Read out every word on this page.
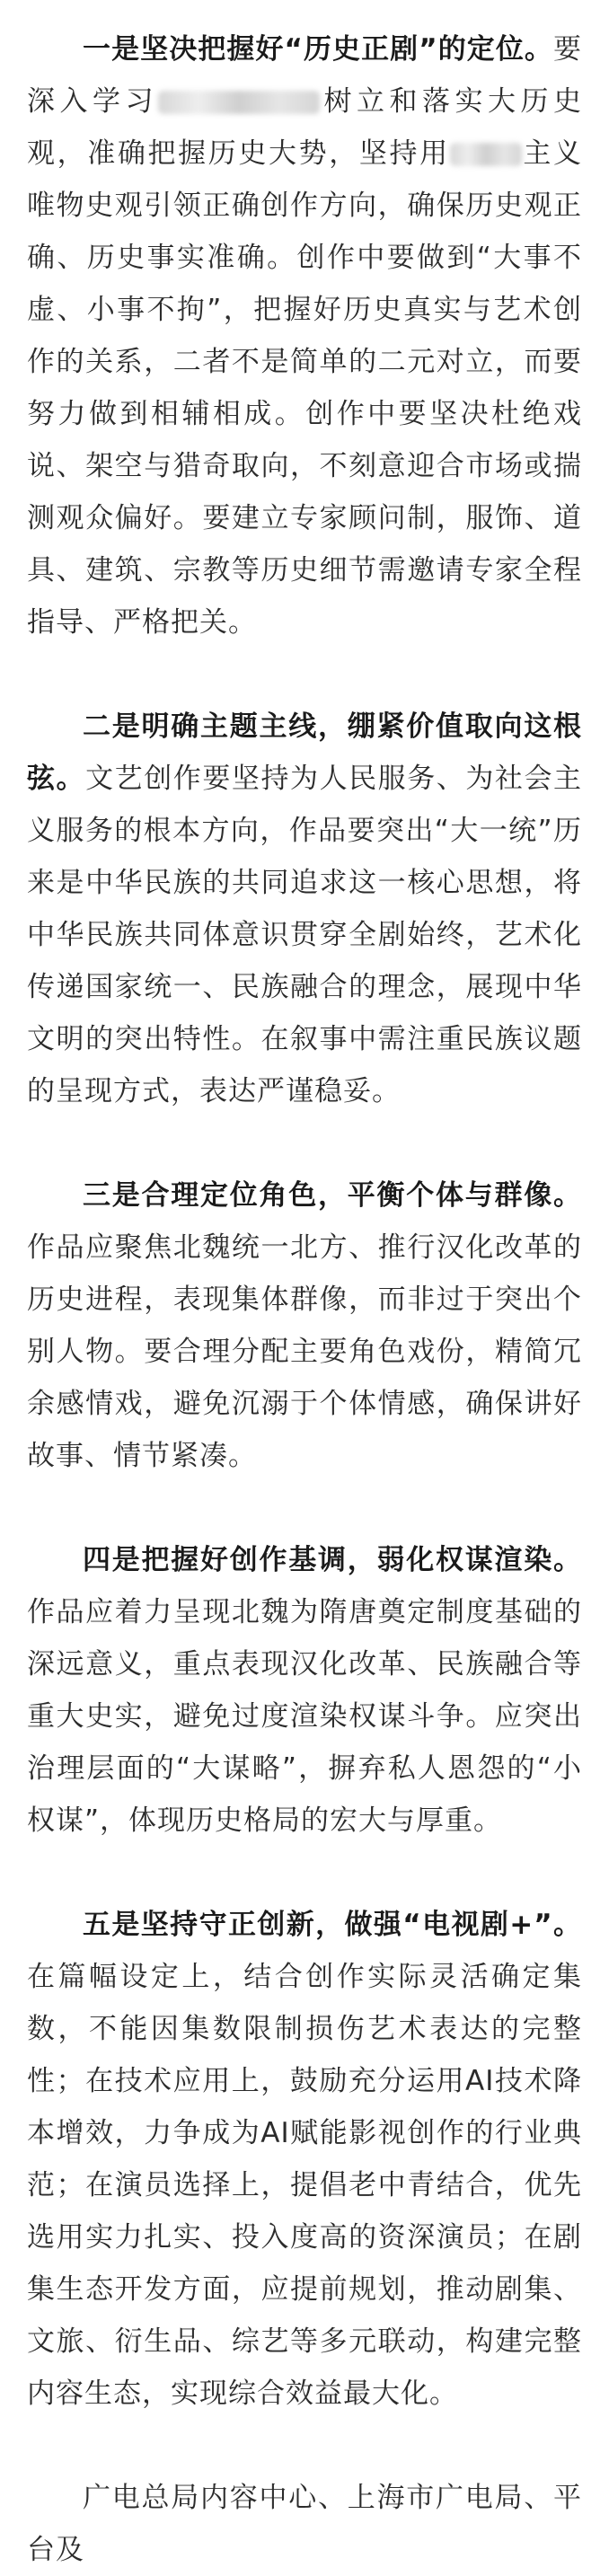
一是坚决把握好“历史正剧”的定位。要深入学习	树立和落实大历史观，准确把握历史大势，坚持用	主义唯物史观引领正确创作方向，确保历史观正确、历史事实准确。创作中要做到“大事不虚、小事不拘”，把握好历史真实与艺术创作的关系，二者不是简单的二元对立，而要努力做到相辅相成。创作中要坚决杜绝戏说、架空与猎奇取向，不刻意迎合市场或揣测观众偏好。要建立专家顾问制，服饰、道具、建筑、宗教等历史细节需邀请专家全程指导、严格把关。

二是明确主题主线，绷紧价值取向这根弦。文艺创作要坚持为人民服务、为社会主义服务的根本方向，作品要突出“大一统”历来是中华民族的共同追求这一核心思想，将中华民族共同体意识贯穿全剧始终，艺术化传递国家统一、民族融合的理念，展现中华文明的突出特性。在叙事中需注重民族议题的呈现方式，表达严谨稳妥。

三是合理定位角色，平衡个体与群像。作品应聚焦北魏统一北方、推行汉化改革的历史进程，表现集体群像，而非过于突出个别人物。要合理分配主要角色戏份，精简冗余感情戏，避免沉溺于个体情感，确保讲好故事、情节紧凑。

四是把握好创作基调，弱化权谋渲染。作品应着力呈现北魏为隋唐奠定制度基础的深远意义，重点表现汉化改革、民族融合等重大史实，避免过度渲染权谋斗争。应突出治理层面的“大谋略”，摒弃私人恩怨的“小权谋”，体现历史格局的宏大与厚重。

五是坚持守正创新，做强“电视剧+”。在篇幅设定上，结合创作实际灵活确定集数，不能因集数限制损伤艺术表达的完整性；在技术应用上，鼓励充分运用AI技术降本增效，力争成为AI赋能影视创作的行业典范；在演员选择上，提倡老中青结合，优先选用实力扎实、投入度高的资深演员；在剧集生态开发方面，应提前规划，推动剧集、文旅、衍生品、综艺等多元联动，构建完整内容生态，实现综合效益最大化。

广电总局内容中心、上海市广电局、平台及
